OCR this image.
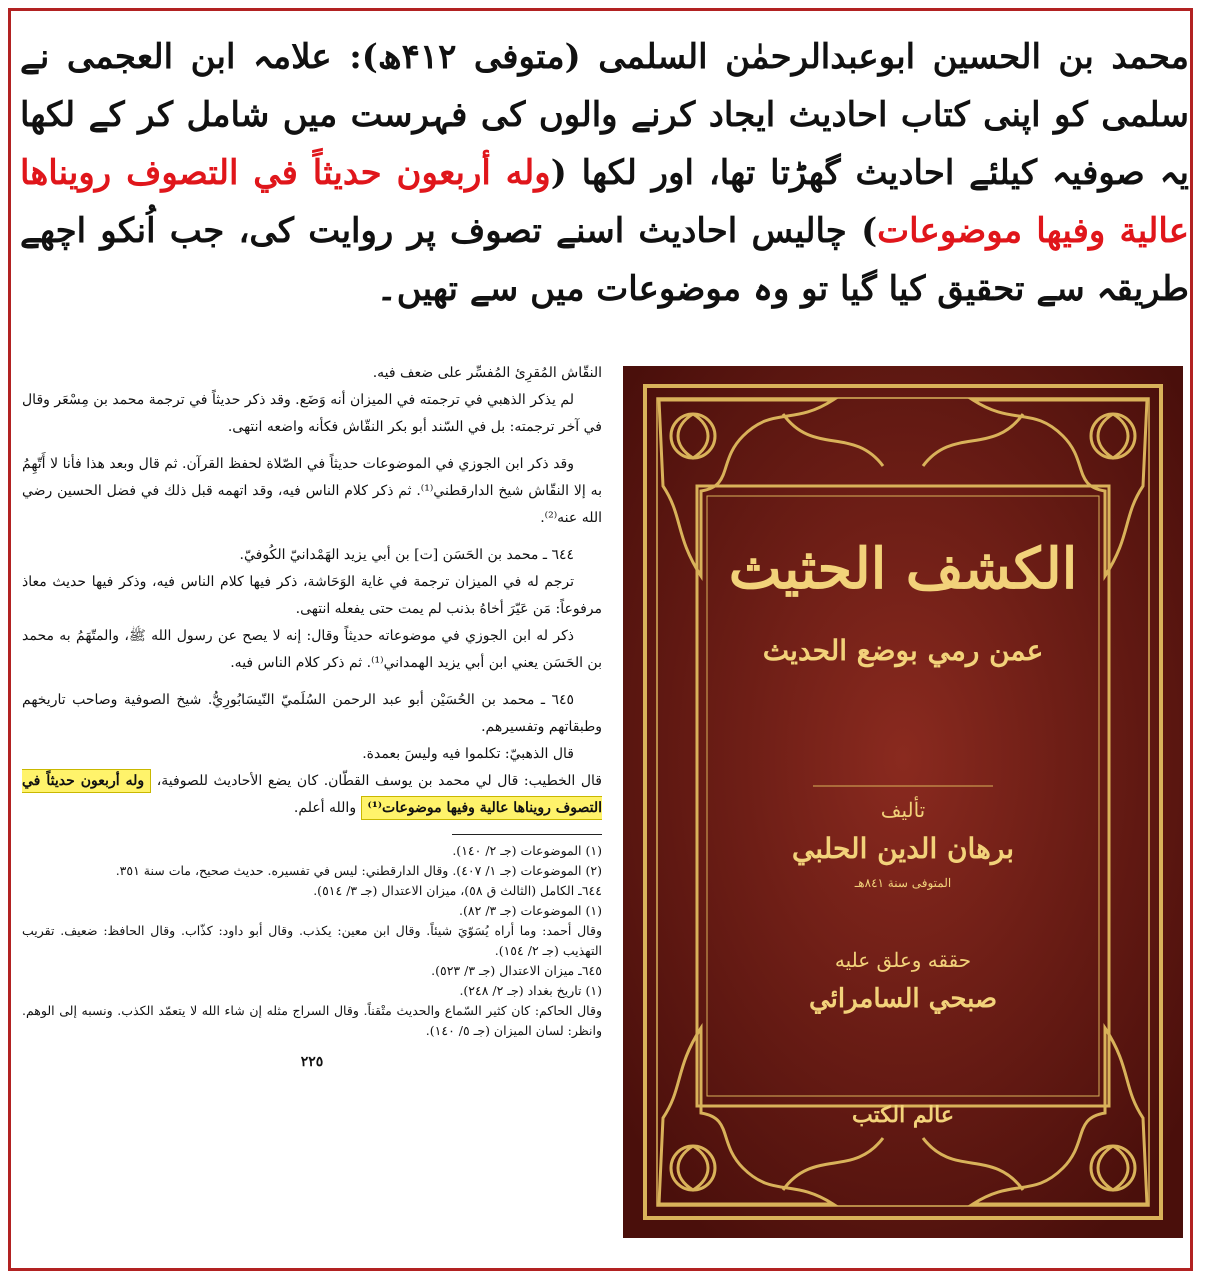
محمد بن الحسین ابوعبدالرحمٰن السلمی (متوفی ۴۱۲ھ): علامہ ابن العجمی نے سلمی کو اپنی کتاب احادیث ایجاد کرنے والوں کی فہرست میں شامل کر کے لکھا یہ صوفیہ کیلئے احادیث گھڑتا تھا، اور لکھا (وله أربعون حديثاً في التصوف رويناها عالية وفيها موضوعات) چالیس احادیث اسنے تصوف پر روایت کی، جب اُنکو اچھے طریقہ سے تحقیق کیا گیا تو وہ موضوعات میں سے تھیں۔

النقّاش المُقرِئ المُفسِّر على ضعف فيه.

لم يذكر الذهبي في ترجمته في الميزان أنه وَضَع. وقد ذكر حديثاً في ترجمة محمد بن مِسْعَر وقال في آخر ترجمته: بل في السّند أبو بكر النقّاش فكأنه واضعه انتهى.

وقد ذكر ابن الجوزي في الموضوعات حديثاً في الصّلاة لحفظ القرآن. ثم قال وبعد هذا فأنا لا أَتّهِمُ به إلا النقّاش شيخ الدارقطني⁽¹⁾. ثم ذكر كلام الناس فيه، وقد اتهمه قبل ذلك في فضل الحسين رضي الله عنه⁽²⁾.

٦٤٤ ـ محمد بن الحَسَن [ت] بن أبي يزيد الهَمْدانيّ الكُوفيّ.

ترجم له في الميزان ترجمة في غاية الوَحَاشة، ذكر فيها كلام الناس فيه، وذكر فيها حديث معاذ مرفوعاً: مَن عَيّرَ أخاهُ بذنب لم يمت حتى يفعله انتهى.

ذكر له ابن الجوزي في موضوعاته حديثاً وقال: إنه لا يصح عن رسول الله ﷺ، والمتّهَمُ به محمد بن الحَسَن يعني ابن أبي يزيد الهمداني⁽¹⁾. ثم ذكر كلام الناس فيه.

٦٤٥ ـ محمد بن الحُسَيْن أبو عبد الرحمن السُلَميّ النّيسَابُورِيُّ. شيخ الصوفية وصاحب تاريخهم وطبقاتهم وتفسيرهم.

قال الذهبيّ: تكلموا فيه وليسَ بعمدة.

قال الخطيب: قال لي محمد بن يوسف القطّان. كان يضع الأحاديث للصوفية، وله أربعون حديثاً في التصوف رويناها عالية وفيها موضوعات⁽¹⁾ والله أعلم.

(١) الموضوعات (جـ ٢/ ١٤٠).

(٢) الموضوعات (جـ ١/ ٤٠٧). وقال الدارقطني: ليس في تفسيره. حديث صحيح، مات سنة ٣٥١.

٦٤٤ـ الكامل (الثالث ق ٥٨)، ميزان الاعتدال (جـ ٣/ ٥١٤).

(١) الموضوعات (جـ ٣/ ٨٢).

وقال أحمد: وما أراه يُسَوّيَ شيئاً. وقال ابن معين: يكذب. وقال أبو داود: كذّاب. وقال الحافظ: ضعيف. تقريب التهذيب (جـ ٢/ ١٥٤).

٦٤٥ـ ميزان الاعتدال (جـ ٣/ ٥٢٣).

(١) تاريخ بغداد (جـ ٢/ ٢٤٨).

وقال الحاكم: كان كثير السّماع والحديث متْقناً. وقال السراج مثله إن شاء الله لا يتعمّد الكذب. ونسبه إلى الوهم. وانظر: لسان الميزان (جـ ٥/ ١٤٠).

٢٢٥
الكشف الحثيث
عمن رمي بوضع الحديث
تأليف
برهان الدين الحلبي
المتوفى سنة ٨٤١هـ
حققه وعلق عليه
صبحي السامرائي
عالم الكتب
